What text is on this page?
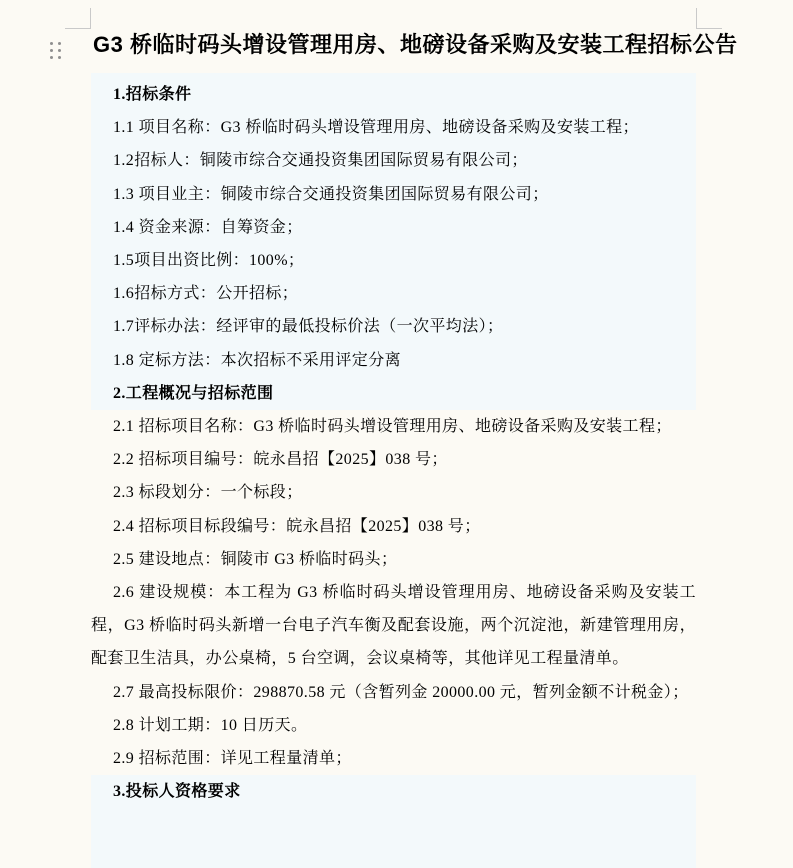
G3 桥临时码头增设管理用房、地磅设备采购及安装工程招标公告

1.招标条件

1.1 项目名称：G3 桥临时码头增设管理用房、地磅设备采购及安装工程；

1.2招标人：铜陵市综合交通投资集团国际贸易有限公司；

1.3 项目业主：铜陵市综合交通投资集团国际贸易有限公司；

1.4 资金来源：自筹资金；

1.5项目出资比例：100%；

1.6招标方式：公开招标；

1.7评标办法：经评审的最低投标价法（一次平均法）；

1.8 定标方法：本次招标不采用评定分离

2.工程概况与招标范围

2.1 招标项目名称：G3 桥临时码头增设管理用房、地磅设备采购及安装工程；

2.2 招标项目编号：皖永昌招【2025】038 号；

2.3 标段划分：一个标段；

2.4 招标项目标段编号：皖永昌招【2025】038 号；

2.5 建设地点：铜陵市 G3 桥临时码头；

2.6 建设规模：本工程为 G3 桥临时码头增设管理用房、地磅设备采购及安装工程，G3 桥临时码头新增一台电子汽车衡及配套设施，两个沉淀池，新建管理用房，配套卫生洁具，办公桌椅，5 台空调，会议桌椅等，其他详见工程量清单。

2.7 最高投标限价：298870.58 元（含暂列金 20000.00 元，暂列金额不计税金）；

2.8 计划工期：10 日历天。

2.9 招标范围：详见工程量清单；

3.投标人资格要求
